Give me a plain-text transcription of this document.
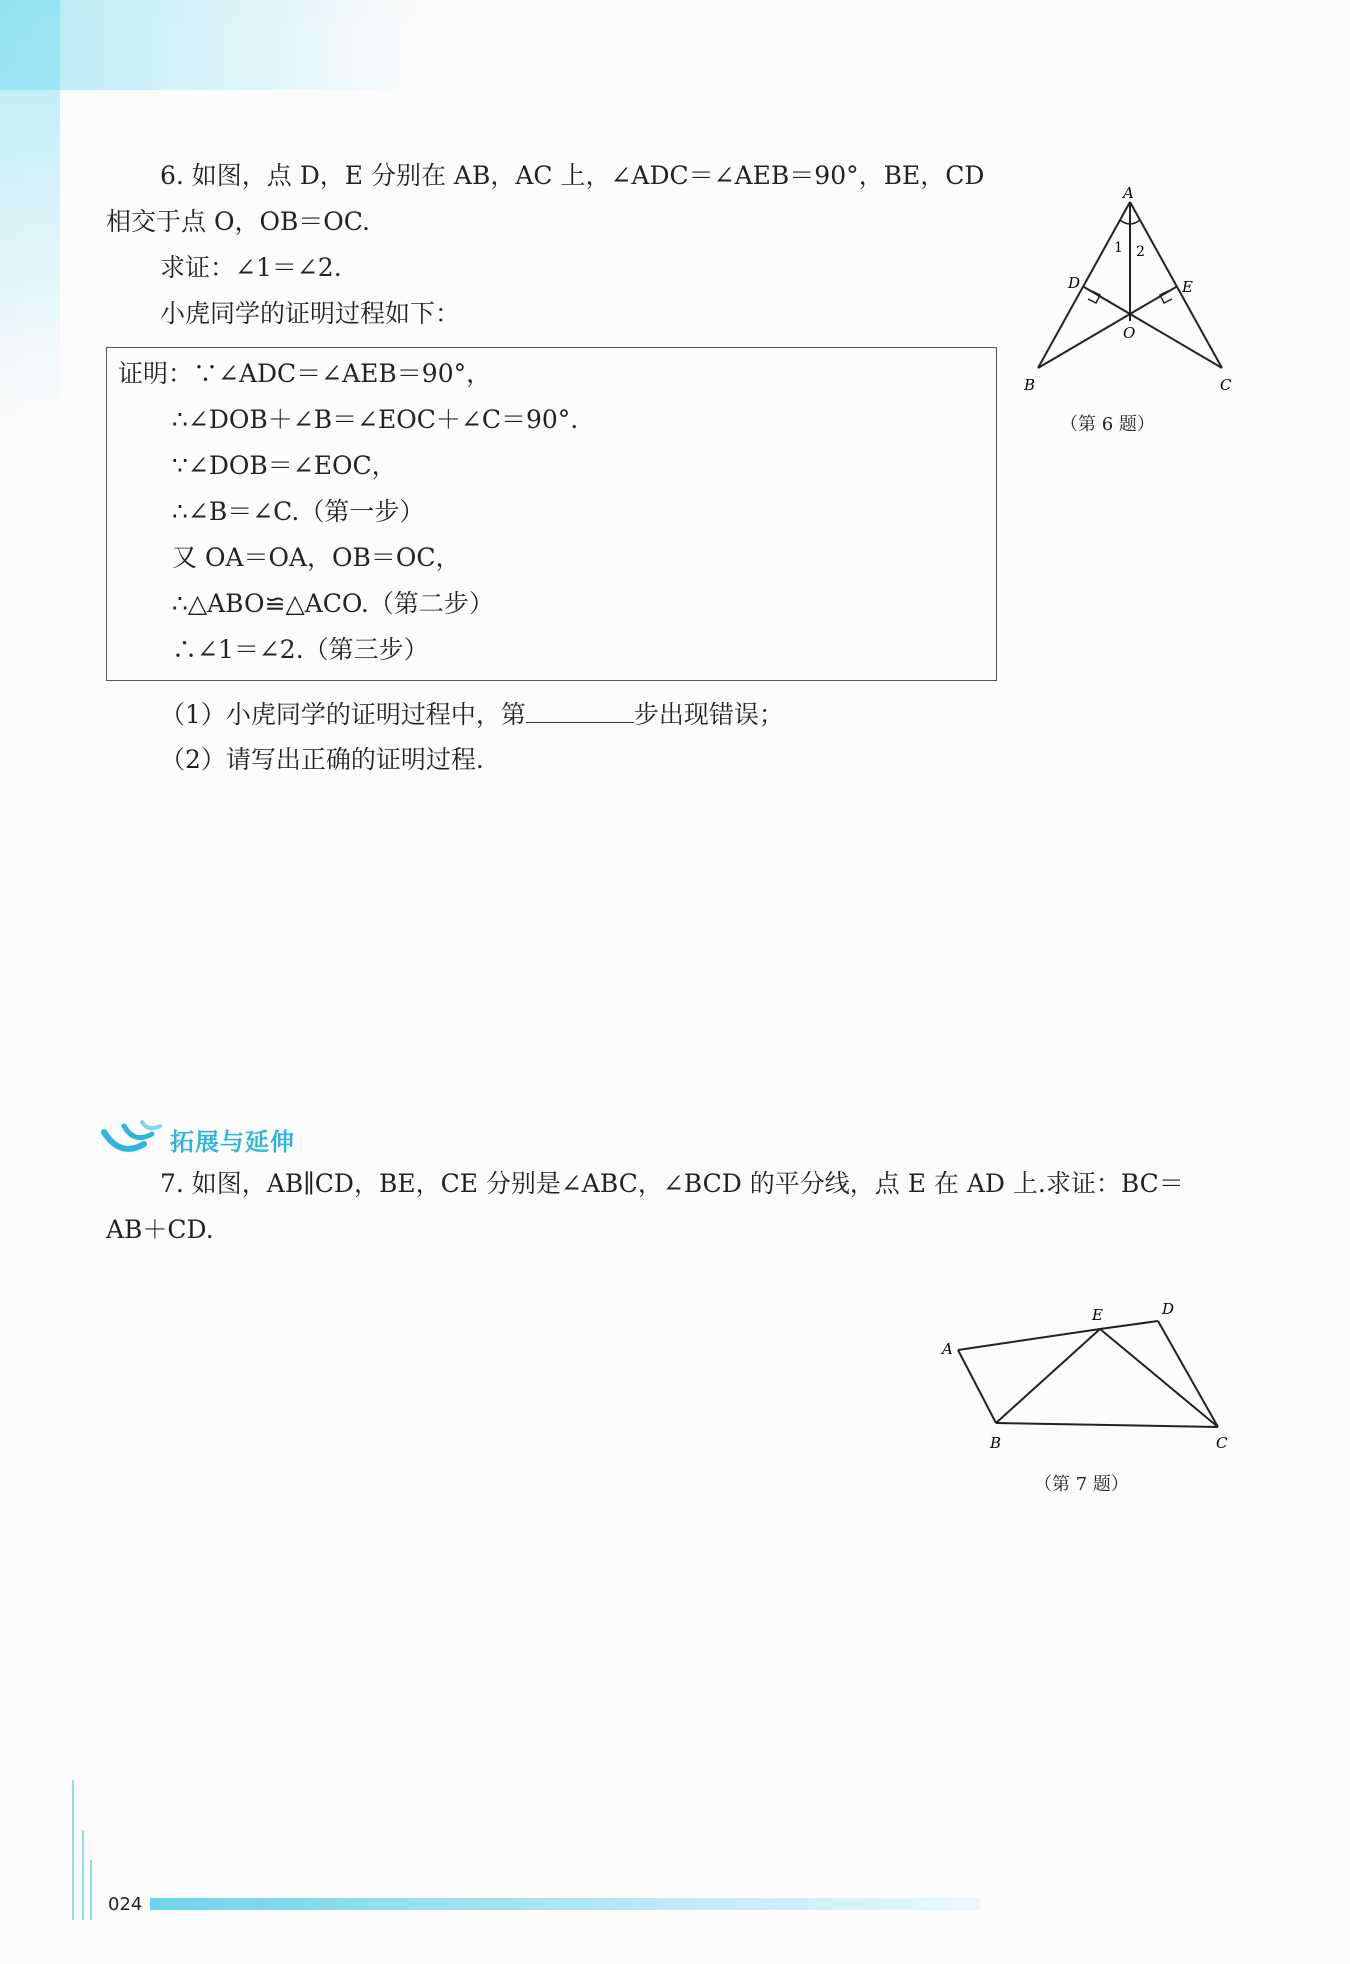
6. 如图，点 D，E 分别在 AB，AC 上，∠ADC＝∠AEB＝90°，BE，CD
相交于点 O，OB＝OC.
求证：∠1＝∠2.
小虎同学的证明过程如下：
证明：∵∠ADC＝∠AEB＝90°，
∴∠DOB＋∠B＝∠EOC＋∠C＝90°.
∵∠DOB＝∠EOC，
∴∠B＝∠C.（第一步）
又 OA＝OA，OB＝OC，
∴△ABO≌△ACO.（第二步）
∴∠1＝∠2.（第三步）
（1）小虎同学的证明过程中，第	步出现错误；
（2）请写出正确的证明过程.
A
B	C
D	E
O
1 2
（第 6 题）
拓展与延伸
7. 如图，AB∥CD，BE，CE 分别是∠ABC，∠BCD 的平分线，点 E 在 AD 上.求证：BC＝
AB＋CD.
A
B	C
D
E
（第 7 题）
024
